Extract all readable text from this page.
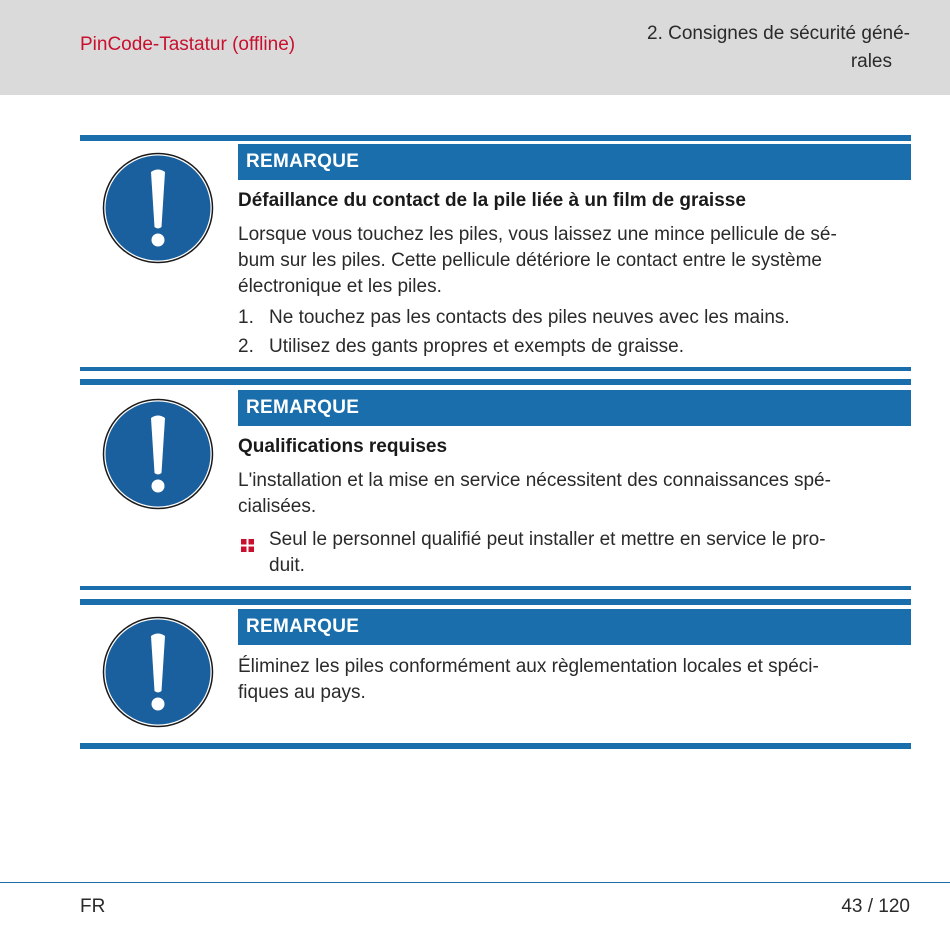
PinCode-Tastatur (offline)
2. Consignes de sécurité géné-
rales
REMARQUE
Défaillance du contact de la pile liée à un film de graisse
Lorsque vous touchez les piles, vous laissez une mince pellicule de sé-
bum sur les piles. Cette pellicule détériore le contact entre le système
électronique et les piles.
1. Ne touchez pas les contacts des piles neuves avec les mains.
2. Utilisez des gants propres et exempts de graisse.
REMARQUE
Qualifications requises
L'installation et la mise en service nécessitent des connaissances spé-
cialisées.
Seul le personnel qualifié peut installer et mettre en service le pro-
duit.
REMARQUE
Éliminez les piles conformément aux règlementation locales et spéci-
fiques au pays.
FR	43 / 120
